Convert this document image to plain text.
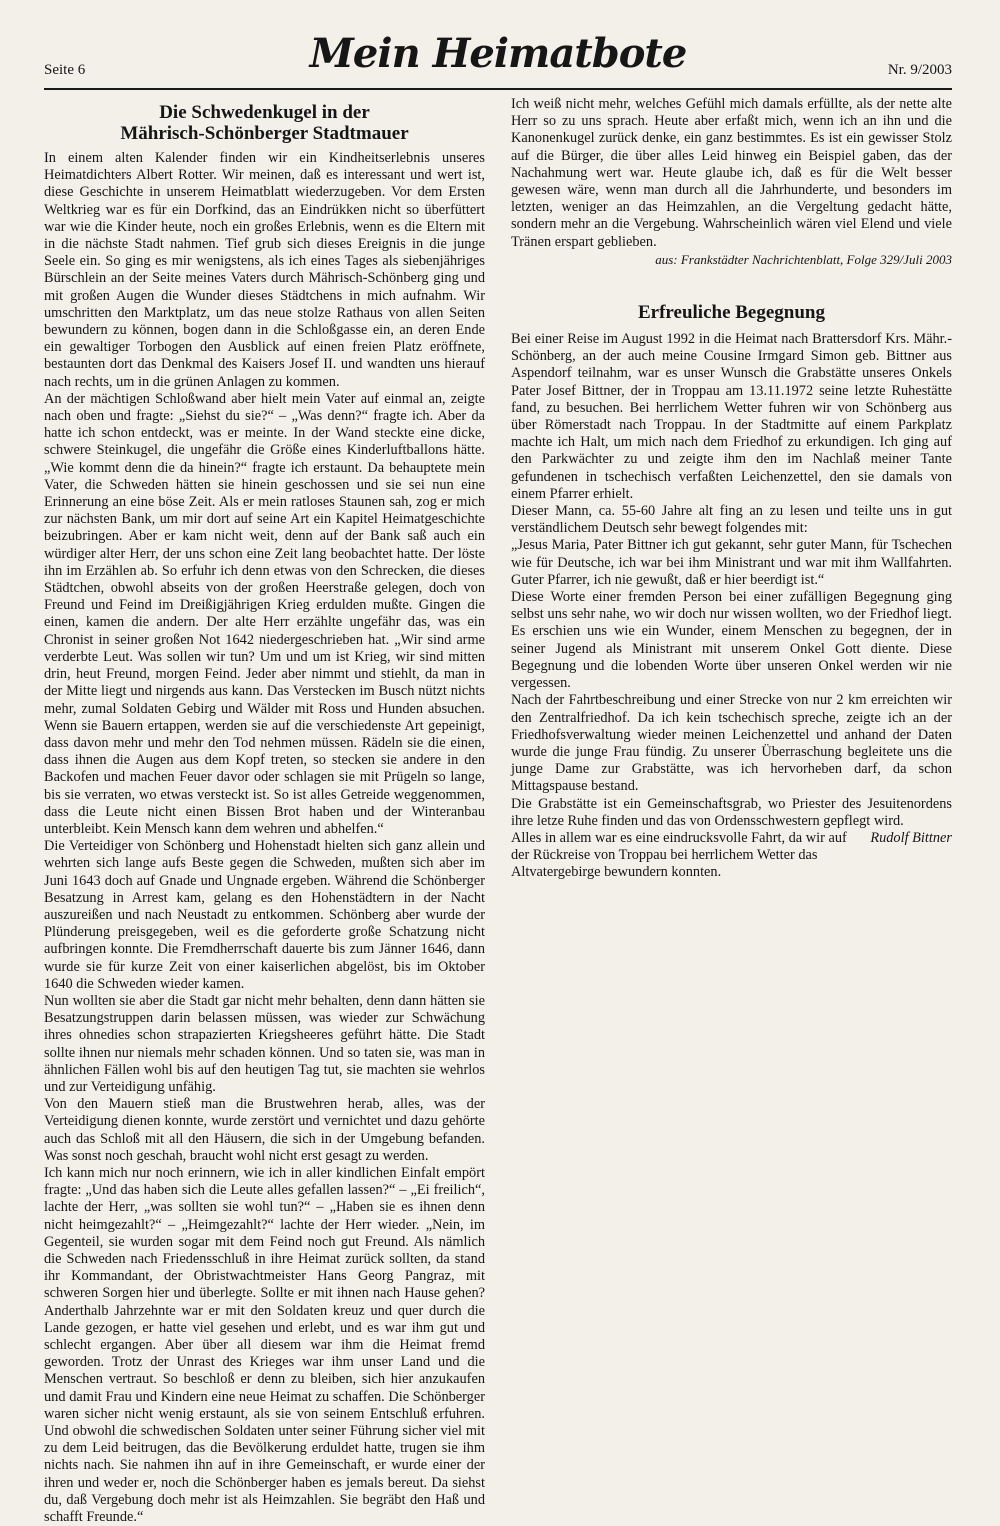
Seite 6	Mein Heimatbote	Nr. 9/2003
Die Schwedenkugel in der
Mährisch-Schönberger Stadtmauer

In einem alten Kalender finden wir ein Kindheitserlebnis unseres Heimatdichters Albert Rotter. Wir meinen, daß es interessant und wert ist, diese Geschichte in unserem Heimatblatt wiederzugeben. Vor dem Ersten Weltkrieg war es für ein Dorfkind, das an Eindrükken nicht so überfüttert war wie die Kinder heute, noch ein großes Erlebnis, wenn es die Eltern mit in die nächste Stadt nahmen. Tief grub sich dieses Ereignis in die junge Seele ein. So ging es mir wenigstens, als ich eines Tages als siebenjähriges Bürschlein an der Seite meines Vaters durch Mährisch-Schönberg ging und mit großen Augen die Wunder dieses Städtchens in mich aufnahm. Wir umschritten den Marktplatz, um das neue stolze Rathaus von allen Seiten bewundern zu können, bogen dann in die Schloßgasse ein, an deren Ende ein gewaltiger Torbogen den Ausblick auf einen freien Platz eröffnete, bestaunten dort das Denkmal des Kaisers Josef II. und wandten uns hierauf nach rechts, um in die grünen Anlagen zu kommen.

An der mächtigen Schloßwand aber hielt mein Vater auf einmal an, zeigte nach oben und fragte: „Siehst du sie?“ – „Was denn?“ fragte ich. Aber da hatte ich schon entdeckt, was er meinte. In der Wand steckte eine dicke, schwere Steinkugel, die ungefähr die Größe eines Kinderluftballons hätte. „Wie kommt denn die da hinein?“ fragte ich erstaunt. Da behauptete mein Vater, die Schweden hätten sie hinein geschossen und sie sei nun eine Erinnerung an eine böse Zeit. Als er mein ratloses Staunen sah, zog er mich zur nächsten Bank, um mir dort auf seine Art ein Kapitel Heimatgeschichte beizubringen. Aber er kam nicht weit, denn auf der Bank saß auch ein würdiger alter Herr, der uns schon eine Zeit lang beobachtet hatte. Der löste ihn im Erzählen ab. So erfuhr ich denn etwas von den Schrecken, die dieses Städtchen, obwohl abseits von der großen Heerstraße gelegen, doch von Freund und Feind im Dreißigjährigen Krieg erdulden mußte. Gingen die einen, kamen die andern. Der alte Herr erzählte ungefähr das, was ein Chronist in seiner großen Not 1642 niedergeschrieben hat. „Wir sind arme verderbte Leut. Was sollen wir tun? Um und um ist Krieg, wir sind mitten drin, heut Freund, morgen Feind. Jeder aber nimmt und stiehlt, da man in der Mitte liegt und nirgends aus kann. Das Verstecken im Busch nützt nichts mehr, zumal Soldaten Gebirg und Wälder mit Ross und Hunden absuchen. Wenn sie Bauern ertappen, werden sie auf die verschiedenste Art gepeinigt, dass davon mehr und mehr den Tod nehmen müssen. Rädeln sie die einen, dass ihnen die Augen aus dem Kopf treten, so stecken sie andere in den Backofen und machen Feuer davor oder schlagen sie mit Prügeln so lange, bis sie verraten, wo etwas versteckt ist. So ist alles Getreide weggenommen, dass die Leute nicht einen Bissen Brot haben und der Winteranbau unterbleibt. Kein Mensch kann dem wehren und abhelfen.“

Die Verteidiger von Schönberg und Hohenstadt hielten sich ganz allein und wehrten sich lange aufs Beste gegen die Schweden, mußten sich aber im Juni 1643 doch auf Gnade und Ungnade ergeben. Während die Schönberger Besatzung in Arrest kam, gelang es den Hohenstädtern in der Nacht auszureißen und nach Neustadt zu entkommen. Schönberg aber wurde der Plünderung preisgegeben, weil es die geforderte große Schatzung nicht aufbringen konnte. Die Fremdherrschaft dauerte bis zum Jänner 1646, dann wurde sie für kurze Zeit von einer kaiserlichen abgelöst, bis im Oktober 1640 die Schweden wieder kamen.

Nun wollten sie aber die Stadt gar nicht mehr behalten, denn dann hätten sie Besatzungstruppen darin belassen müssen, was wieder zur Schwächung ihres ohnedies schon strapazierten Kriegsheeres geführt hätte. Die Stadt sollte ihnen nur niemals mehr schaden können. Und so taten sie, was man in ähnlichen Fällen wohl bis auf den heutigen Tag tut, sie machten sie wehrlos und zur Verteidigung unfähig.

Von den Mauern stieß man die Brustwehren herab, alles, was der Verteidigung dienen konnte, wurde zerstört und vernichtet und dazu gehörte auch das Schloß mit all den Häusern, die sich in der Umgebung befanden. Was sonst noch geschah, braucht wohl nicht erst gesagt zu werden.

Ich kann mich nur noch erinnern, wie ich in aller kindlichen Einfalt empört fragte: „Und das haben sich die Leute alles gefallen lassen?“ – „Ei freilich“, lachte der Herr, „was sollten sie wohl tun?“ – „Haben sie es ihnen denn nicht heimgezahlt?“ – „Heimgezahlt?“ lachte der Herr wieder. „Nein, im Gegenteil, sie wurden sogar mit dem Feind noch gut Freund. Als nämlich die Schweden nach Friedensschluß in ihre Heimat zurück sollten, da stand ihr Kommandant, der Obristwachtmeister Hans Georg Pangraz, mit schweren Sorgen hier und überlegte. Sollte er mit ihnen nach Hause gehen? Anderthalb Jahrzehnte war er mit den Soldaten kreuz und quer durch die Lande gezogen, er hatte viel gesehen und erlebt, und es war ihm gut und schlecht ergangen. Aber über all diesem war ihm die Heimat fremd geworden. Trotz der Unrast des Krieges war ihm unser Land und die Menschen vertraut. So beschloß er denn zu bleiben, sich hier anzukaufen und damit Frau und Kindern eine neue Heimat zu schaffen. Die Schönberger waren sicher nicht wenig erstaunt, als sie von seinem Entschluß erfuhren. Und obwohl die schwedischen Soldaten unter seiner Führung sicher viel mit zu dem Leid beitrugen, das die Bevölkerung erduldet hatte, trugen sie ihm nichts nach. Sie nahmen ihn auf in ihre Gemeinschaft, er wurde einer der ihren und weder er, noch die Schönberger haben es jemals bereut. Da siehst du, daß Vergebung doch mehr ist als Heimzahlen. Sie begräbt den Haß und schafft Freunde.“

Ich weiß nicht mehr, welches Gefühl mich damals erfüllte, als der nette alte Herr so zu uns sprach. Heute aber erfaßt mich, wenn ich an ihn und die Kanonenkugel zurück denke, ein ganz bestimmtes. Es ist ein gewisser Stolz auf die Bürger, die über alles Leid hinweg ein Beispiel gaben, das der Nachahmung wert war. Heute glaube ich, daß es für die Welt besser gewesen wäre, wenn man durch all die Jahrhunderte, und besonders im letzten, weniger an das Heimzahlen, an die Vergeltung gedacht hätte, sondern mehr an die Vergebung. Wahrscheinlich wären viel Elend und viele Tränen erspart geblieben.

aus: Frankstädter Nachrichtenblatt, Folge 329/Juli 2003

Erfreuliche Begegnung

Bei einer Reise im August 1992 in die Heimat nach Brattersdorf Krs. Mähr.-Schönberg, an der auch meine Cousine Irmgard Simon geb. Bittner aus Aspendorf teilnahm, war es unser Wunsch die Grabstätte unseres Onkels Pater Josef Bittner, der in Troppau am 13.11.1972 seine letzte Ruhestätte fand, zu besuchen. Bei herrlichem Wetter fuhren wir von Schönberg aus über Römerstadt nach Troppau. In der Stadtmitte auf einem Parkplatz machte ich Halt, um mich nach dem Friedhof zu erkundigen. Ich ging auf den Parkwächter zu und zeigte ihm den im Nachlaß meiner Tante gefundenen in tschechisch verfaßten Leichenzettel, den sie damals von einem Pfarrer erhielt.

Dieser Mann, ca. 55-60 Jahre alt fing an zu lesen und teilte uns in gut verständlichem Deutsch sehr bewegt folgendes mit:

„Jesus Maria, Pater Bittner ich gut gekannt, sehr guter Mann, für Tschechen wie für Deutsche, ich war bei ihm Ministrant und war mit ihm Wallfahrten. Guter Pfarrer, ich nie gewußt, daß er hier beerdigt ist.“

Diese Worte einer fremden Person bei einer zufälligen Begegnung ging selbst uns sehr nahe, wo wir doch nur wissen wollten, wo der Friedhof liegt. Es erschien uns wie ein Wunder, einem Menschen zu begegnen, der in seiner Jugend als Ministrant mit unserem Onkel Gott diente. Diese Begegnung und die lobenden Worte über unseren Onkel werden wir nie vergessen.

Nach der Fahrtbeschreibung und einer Strecke von nur 2 km erreichten wir den Zentralfriedhof. Da ich kein tschechisch spreche, zeigte ich an der Friedhofsverwaltung wieder meinen Leichenzettel und anhand der Daten wurde die junge Frau fündig. Zu unserer Überraschung begleitete uns die junge Dame zur Grabstätte, was ich hervorheben darf, da schon Mittagspause bestand.

Die Grabstätte ist ein Gemeinschaftsgrab, wo Priester des Jesuitenordens ihre letze Ruhe finden und das von Ordensschwestern gepflegt wird.

Alles in allem war es eine eindrucksvolle Fahrt, da wir auf der Rückreise von Troppau bei herrlichem Wetter das Altvatergebirge bewundern konnten.
Rudolf Bittner
